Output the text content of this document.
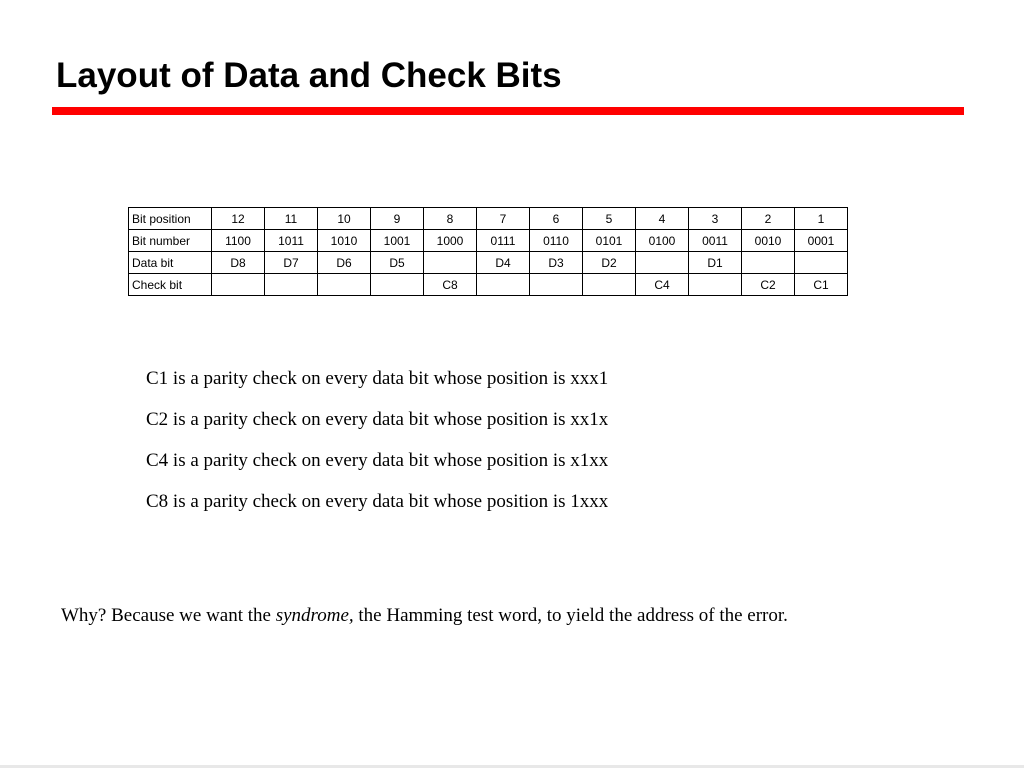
Layout of Data and Check Bits
Bit position	12	11	10	9	8	7	6	5	4	3	2	1
Bit number	1100	1011	1010	1001	1000	0111	0110	0101	0100	0011	0010	0001
Data bit	D8	D7	D6	D5		D4	D3	D2		D1		
Check bit					C8				C4		C2	C1
C1 is a parity check on every data bit whose position is xxx1
C2 is a parity check on every data bit whose position is xx1x
C4 is a parity check on every data bit whose position is x1xx
C8 is a parity check on every data bit whose position is 1xxx

Why? Because we want the syndrome, the Hamming test word, to yield the address of the error.
